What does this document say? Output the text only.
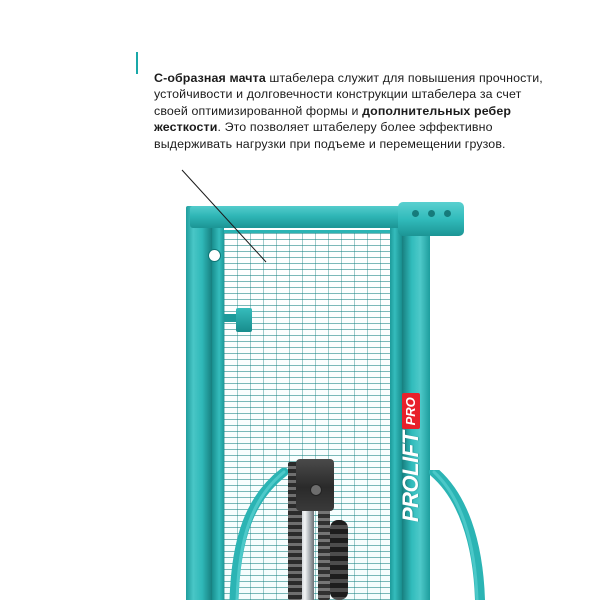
PROLIFT
PRO
С-образная мачта штабелера служит для повышения прочности, устойчивости и долговечности конструкции штабелера за счет своей оптимизированной формы и дополнительных ребер жесткости. Это позволяет штабелеру более эффективно выдерживать нагрузки при подъеме и перемещении грузов.
